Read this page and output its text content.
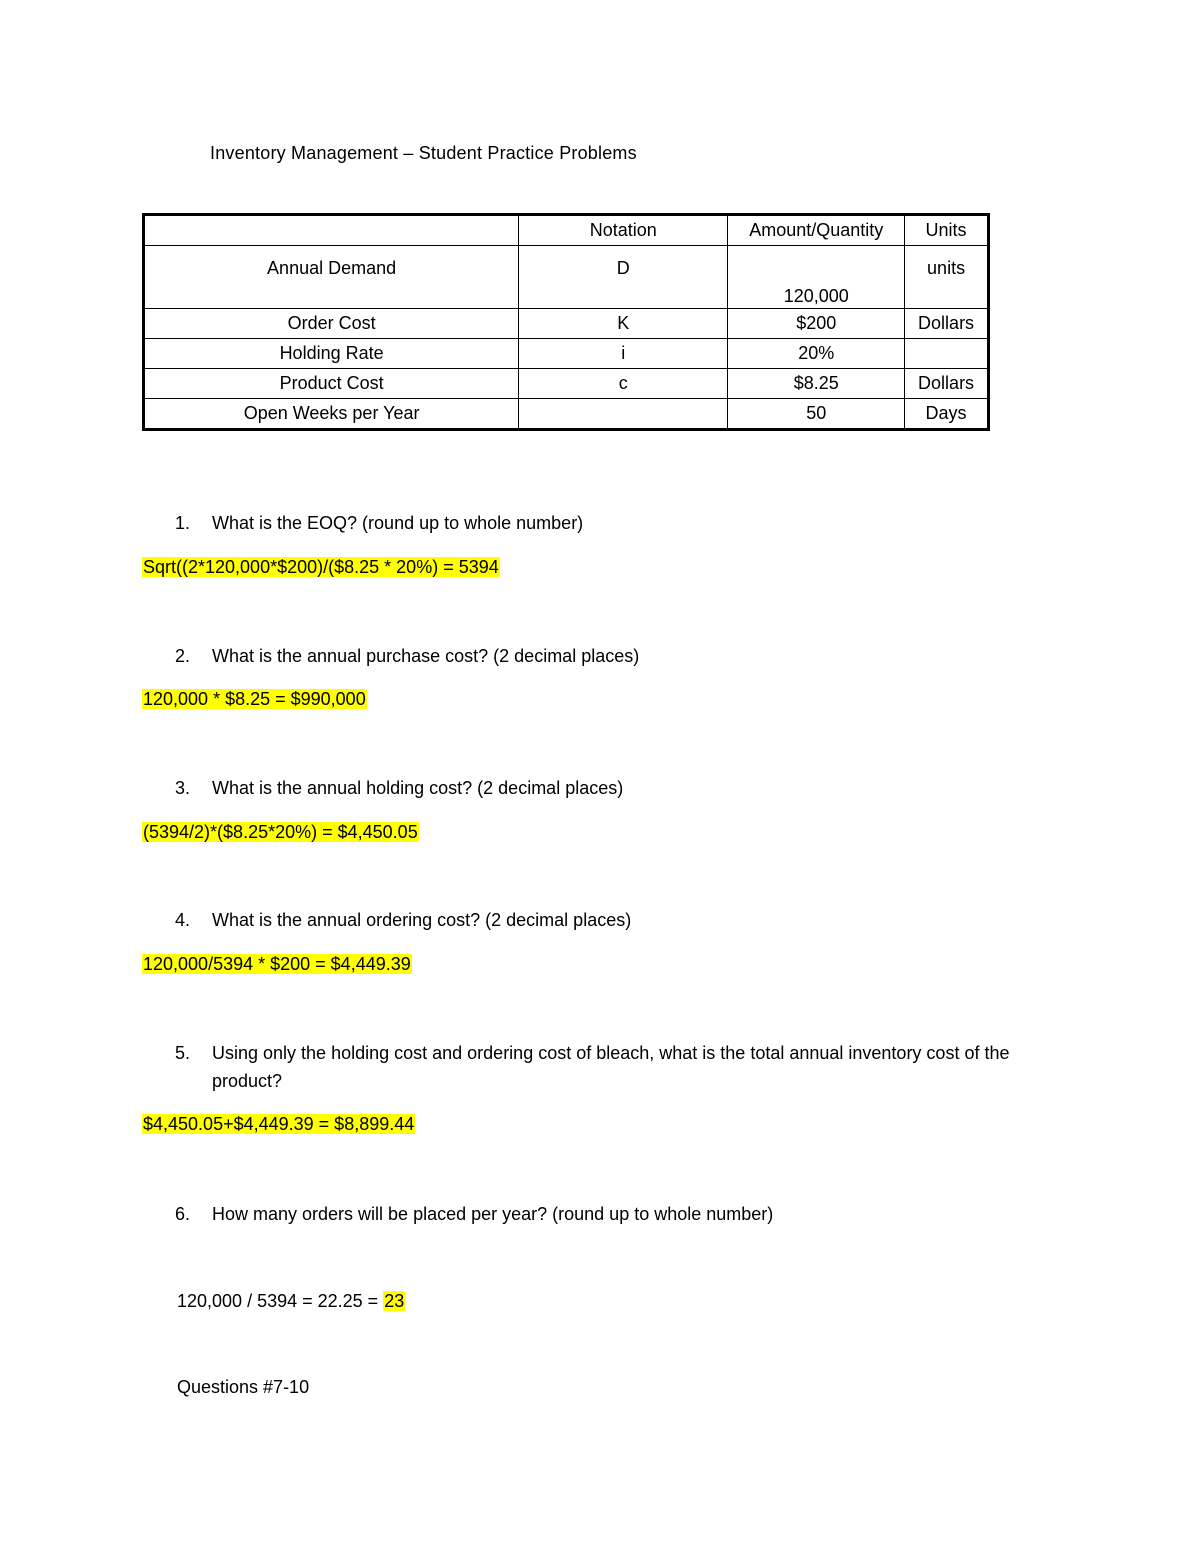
Inventory Management – Student Practice Problems
	Notation	Amount/Quantity	Units
Annual Demand	D	120,000	units
Order Cost	K	$200	Dollars
Holding Rate	i	20%	
Product Cost	c	$8.25	Dollars
Open Weeks per Year		50	Days
1. What is the EOQ? (round up to whole number)
Sqrt((2*120,000*$200)/($8.25 * 20%) = 5394
2. What is the annual purchase cost? (2 decimal places)
120,000 * $8.25 = $990,000
3. What is the annual holding cost? (2 decimal places)
(5394/2)*($8.25*20%) = $4,450.05
4. What is the annual ordering cost? (2 decimal places)
120,000/5394 * $200 = $4,449.39
5. Using only the holding cost and ordering cost of bleach, what is the total annual inventory cost of the product?
$4,450.05+$4,449.39 = $8,899.44
6. How many orders will be placed per year? (round up to whole number)
120,000 / 5394 = 22.25 = 23
Questions #7-10
